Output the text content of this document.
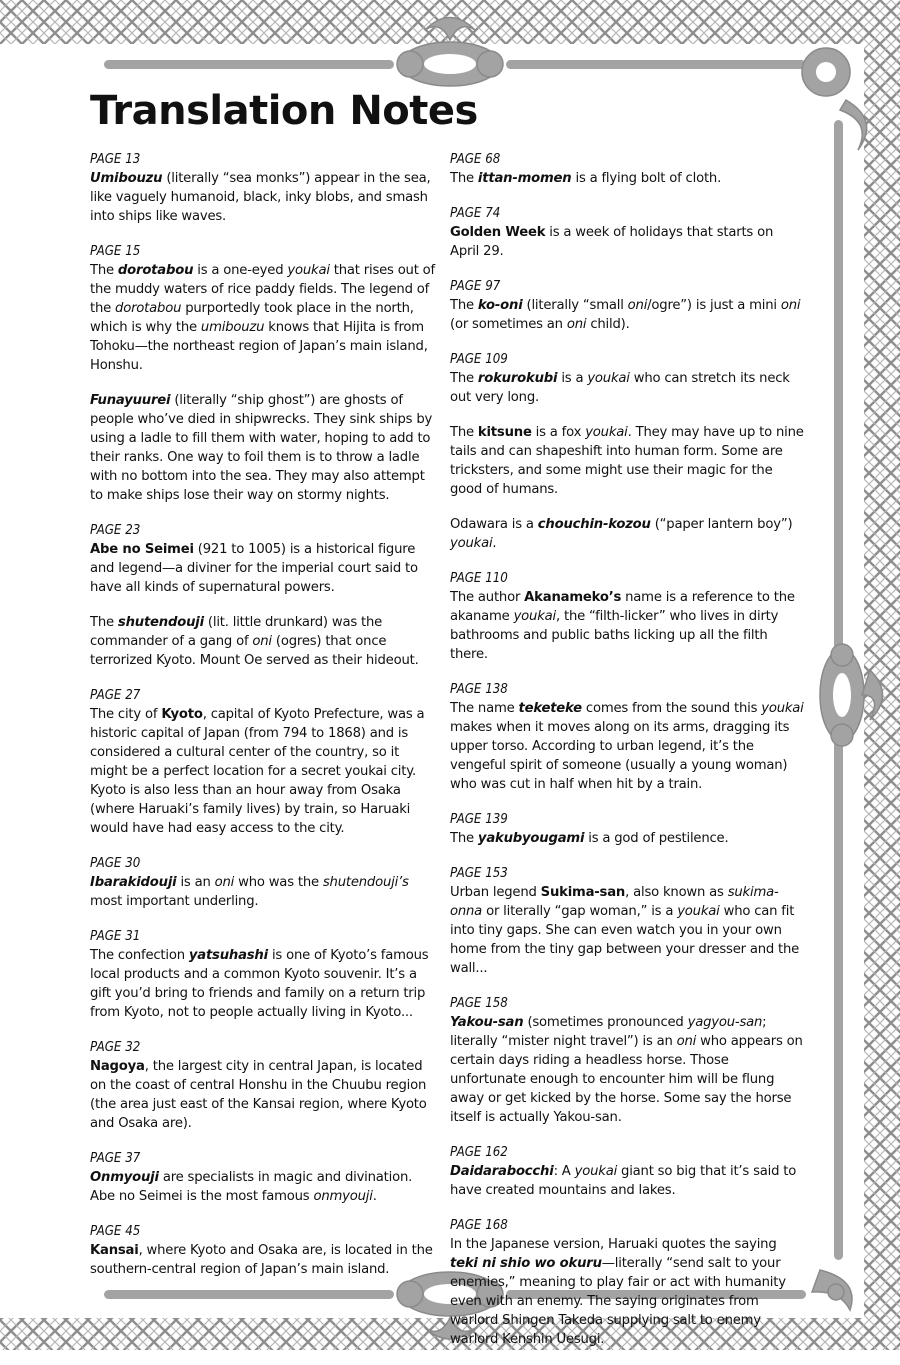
Translation Notes
PAGE 13
Umibouzu (literally “sea monks”) appear in the sea, like vaguely humanoid, black, inky blobs, and smash into ships like waves.
PAGE 15
The dorotabou is a one-eyed youkai that rises out of the muddy waters of rice paddy fields. The legend of the dorotabou purportedly took place in the north, which is why the umibouzu knows that Hijita is from Tohoku—the northeast region of Japan’s main island, Honshu.
Funayuurei (literally “ship ghost”) are ghosts of people who’ve died in shipwrecks. They sink ships by using a ladle to fill them with water, hoping to add to their ranks. One way to foil them is to throw a ladle with no bottom into the sea. They may also attempt to make ships lose their way on stormy nights.
PAGE 23
Abe no Seimei (921 to 1005) is a historical figure and legend—a diviner for the imperial court said to have all kinds of supernatural powers.
The shutendouji (lit. little drunkard) was the commander of a gang of oni (ogres) that once terrorized Kyoto. Mount Oe served as their hideout.
PAGE 27
The city of Kyoto, capital of Kyoto Prefecture, was a historic capital of Japan (from 794 to 1868) and is considered a cultural center of the country, so it might be a perfect location for a secret youkai city. Kyoto is also less than an hour away from Osaka (where Haruaki’s family lives) by train, so Haruaki would have had easy access to the city.
PAGE 30
Ibarakidouji is an oni who was the shutendouji’s most important underling.
PAGE 31
The confection yatsuhashi is one of Kyoto’s famous local products and a common Kyoto souvenir. It’s a gift you’d bring to friends and family on a return trip from Kyoto, not to people actually living in Kyoto...
PAGE 32
Nagoya, the largest city in central Japan, is located on the coast of central Honshu in the Chuubu region (the area just east of the Kansai region, where Kyoto and Osaka are).
PAGE 37
Onmyouji are specialists in magic and divination. Abe no Seimei is the most famous onmyouji.
PAGE 45
Kansai, where Kyoto and Osaka are, is located in the southern-central region of Japan’s main island.
PAGE 68
The ittan-momen is a flying bolt of cloth.
PAGE 74
Golden Week is a week of holidays that starts on April 29.
PAGE 97
The ko-oni (literally “small oni/ogre”) is just a mini oni (or sometimes an oni child).
PAGE 109
The rokurokubi is a youkai who can stretch its neck out very long.
The kitsune is a fox youkai. They may have up to nine tails and can shapeshift into human form. Some are tricksters, and some might use their magic for the good of humans.
Odawara is a chouchin-kozou (“paper lantern boy”) youkai.
PAGE 110
The author Akanameko’s name is a reference to the akaname youkai, the “filth-licker” who lives in dirty bathrooms and public baths licking up all the filth there.
PAGE 138
The name teketeke comes from the sound this youkai makes when it moves along on its arms, dragging its upper torso. According to urban legend, it’s the vengeful spirit of someone (usually a young woman) who was cut in half when hit by a train.
PAGE 139
The yakubyougami is a god of pestilence.
PAGE 153
Urban legend Sukima-san, also known as sukima-onna or literally “gap woman,” is a youkai who can fit into tiny gaps. She can even watch you in your own home from the tiny gap between your dresser and the wall...
PAGE 158
Yakou-san (sometimes pronounced yagyou-san; literally “mister night travel”) is an oni who appears on certain days riding a headless horse. Those unfortunate enough to encounter him will be flung away or get kicked by the horse. Some say the horse itself is actually Yakou-san.
PAGE 162
Daidarabocchi: A youkai giant so big that it’s said to have created mountains and lakes.
PAGE 168
In the Japanese version, Haruaki quotes the saying teki ni shio wo okuru—literally “send salt to your enemies,” meaning to play fair or act with humanity even with an enemy. The saying originates from warlord Shingen Takeda supplying salt to enemy warlord Kenshin Uesugi.
